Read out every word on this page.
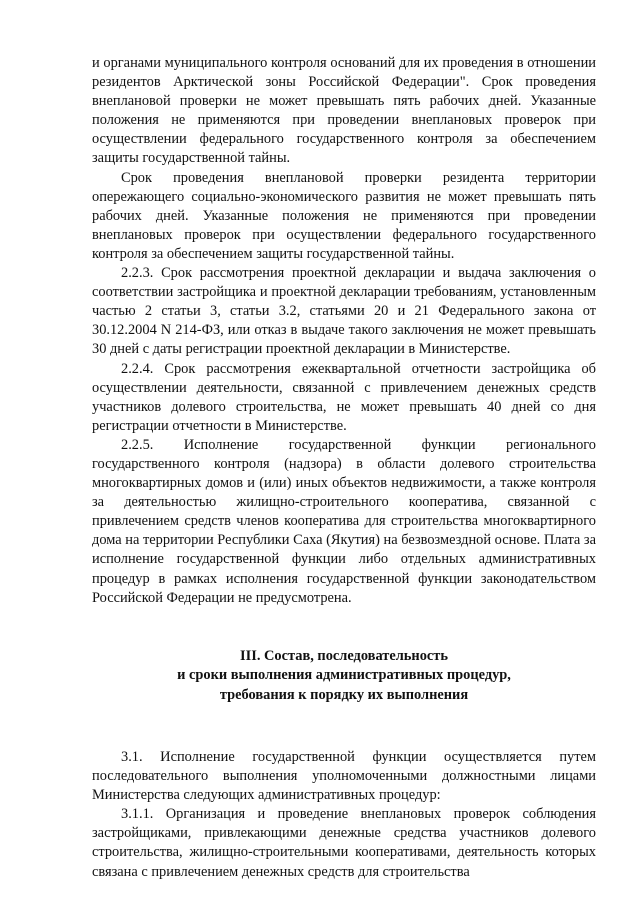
и органами муниципального контроля оснований для их проведения в отношении резидентов Арктической зоны Российской Федерации". Срок проведения внеплановой проверки не может превышать пять рабочих дней. Указанные положения не применяются при проведении внеплановых проверок при осуществлении федерального государственного контроля за обеспечением защиты государственной тайны.

Срок проведения внеплановой проверки резидента территории опережающего социально-экономического развития не может превышать пять рабочих дней. Указанные положения не применяются при проведении внеплановых проверок при осуществлении федерального государственного контроля за обеспечением защиты государственной тайны.

2.2.3. Срок рассмотрения проектной декларации и выдача заключения о соответствии застройщика и проектной декларации требованиям, установленным частью 2 статьи 3, статьи 3.2, статьями 20 и 21 Федерального закона от 30.12.2004 N 214-ФЗ, или отказ в выдаче такого заключения не может превышать 30 дней с даты регистрации проектной декларации в Министерстве.

2.2.4. Срок рассмотрения ежеквартальной отчетности застройщика об осуществлении деятельности, связанной с привлечением денежных средств участников долевого строительства, не может превышать 40 дней со дня регистрации отчетности в Министерстве.

2.2.5. Исполнение государственной функции регионального государственного контроля (надзора) в области долевого строительства многоквартирных домов и (или) иных объектов недвижимости, а также контроля за деятельностью жилищно-строительного кооператива, связанной с привлечением средств членов кооператива для строительства многоквартирного дома на территории Республики Саха (Якутия) на безвозмездной основе. Плата за исполнение государственной функции либо отдельных административных процедур в рамках исполнения государственной функции законодательством Российской Федерации не предусмотрена.

III. Состав, последовательность

и сроки выполнения административных процедур,

требования к порядку их выполнения

3.1. Исполнение государственной функции осуществляется путем последовательного выполнения уполномоченными должностными лицами Министерства следующих административных процедур:

3.1.1. Организация и проведение внеплановых проверок соблюдения застройщиками, привлекающими денежные средства участников долевого строительства, жилищно-строительными кооперативами, деятельность которых связана с привлечением денежных средств для строительства
